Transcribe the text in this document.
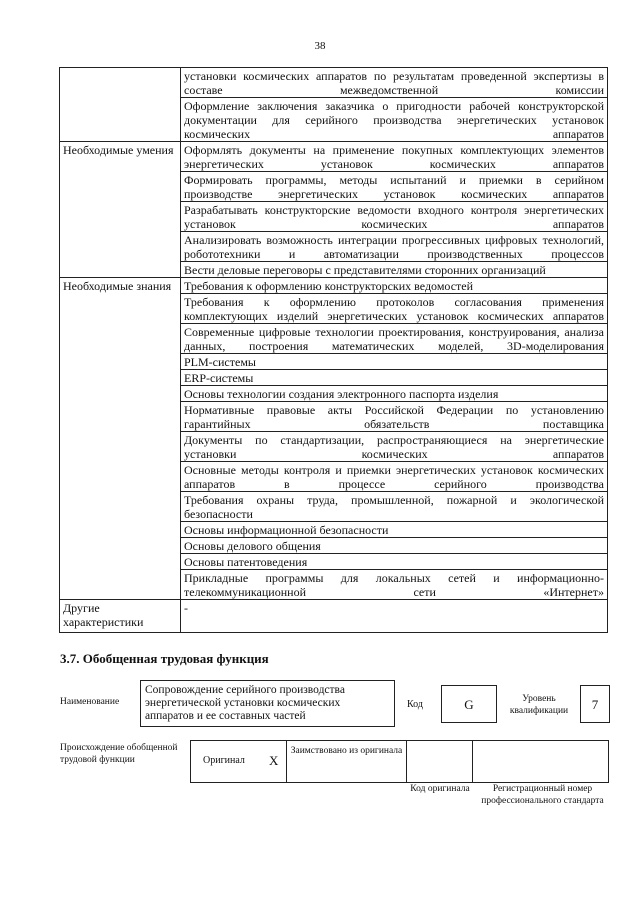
38
	установки космических аппаратов по результатам проведенной экспертизы в составе межведомственной комиссии
	Оформление заключения заказчика о пригодности рабочей конструкторской документации для серийного производства энергетических установок космических аппаратов
Необходимые умения	Оформлять документы на применение покупных комплектующих элементов энергетических установок космических аппаратов
	Формировать программы, методы испытаний и приемки в серийном производстве энергетических установок космических аппаратов
	Разрабатывать конструкторские ведомости входного контроля энергетических установок космических аппаратов
	Анализировать возможность интеграции прогрессивных цифровых технологий, робототехники и автоматизации производственных процессов
	Вести деловые переговоры с представителями сторонних организаций
Необходимые знания	Требования к оформлению конструкторских ведомостей
	Требования к оформлению протоколов согласования применения комплектующих изделий энергетических установок космических аппаратов
	Современные цифровые технологии проектирования, конструирования, анализа данных, построения математических моделей, 3D-моделирования
	PLM-системы
	ERP-системы
	Основы технологии создания электронного паспорта изделия
	Нормативные правовые акты Российской Федерации по установлению гарантийных обязательств поставщика
	Документы по стандартизации, распространяющиеся на энергетические установки космических аппаратов
	Основные методы контроля и приемки энергетических установок космических аппаратов в процессе серийного производства
	Требования охраны труда, промышленной, пожарной и экологической безопасности
	Основы информационной безопасности
	Основы делового общения
	Основы патентоведения
	Прикладные программы для локальных сетей и информационно-телекоммуникационной сети «Интернет»
Другие характеристики	-
3.7. Обобщенная трудовая функция
Наименование
Сопровождение серийного производства энергетической установки космических аппаратов и ее составных частей
Код	G	Уровень квалификации	7
Происхождение обобщенной трудовой функции	Оригинал X
Заимствовано из оригинала
Код оригинала	Регистрационный номер профессионального стандарта
